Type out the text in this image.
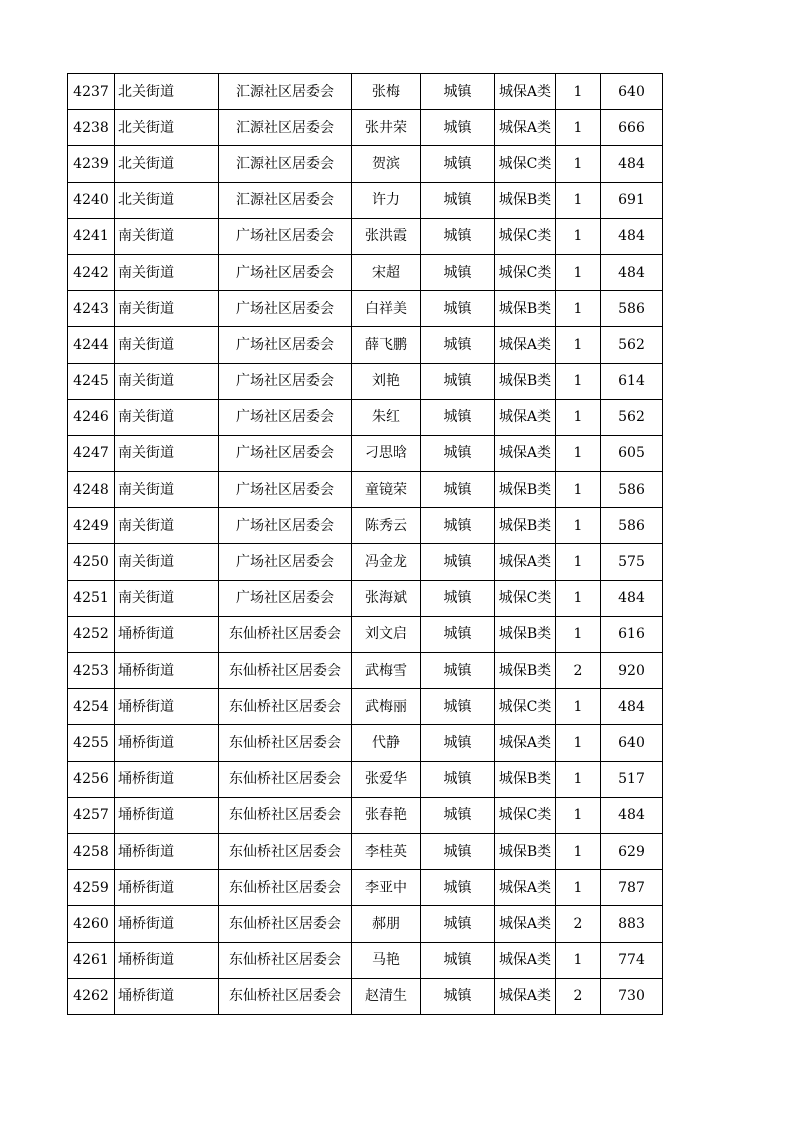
4237	北关街道	汇源社区居委会	张梅	城镇	城保A类	1	640
4238	北关街道	汇源社区居委会	张井荣	城镇	城保A类	1	666
4239	北关街道	汇源社区居委会	贺滨	城镇	城保C类	1	484
4240	北关街道	汇源社区居委会	许力	城镇	城保B类	1	691
4241	南关街道	广场社区居委会	张洪霞	城镇	城保C类	1	484
4242	南关街道	广场社区居委会	宋超	城镇	城保C类	1	484
4243	南关街道	广场社区居委会	白祥美	城镇	城保B类	1	586
4244	南关街道	广场社区居委会	薛飞鹏	城镇	城保A类	1	562
4245	南关街道	广场社区居委会	刘艳	城镇	城保B类	1	614
4246	南关街道	广场社区居委会	朱红	城镇	城保A类	1	562
4247	南关街道	广场社区居委会	刁思晗	城镇	城保A类	1	605
4248	南关街道	广场社区居委会	童镜荣	城镇	城保B类	1	586
4249	南关街道	广场社区居委会	陈秀云	城镇	城保B类	1	586
4250	南关街道	广场社区居委会	冯金龙	城镇	城保A类	1	575
4251	南关街道	广场社区居委会	张海斌	城镇	城保C类	1	484
4252	埇桥街道	东仙桥社区居委会	刘文启	城镇	城保B类	1	616
4253	埇桥街道	东仙桥社区居委会	武梅雪	城镇	城保B类	2	920
4254	埇桥街道	东仙桥社区居委会	武梅丽	城镇	城保C类	1	484
4255	埇桥街道	东仙桥社区居委会	代静	城镇	城保A类	1	640
4256	埇桥街道	东仙桥社区居委会	张爱华	城镇	城保B类	1	517
4257	埇桥街道	东仙桥社区居委会	张春艳	城镇	城保C类	1	484
4258	埇桥街道	东仙桥社区居委会	李桂英	城镇	城保B类	1	629
4259	埇桥街道	东仙桥社区居委会	李亚中	城镇	城保A类	1	787
4260	埇桥街道	东仙桥社区居委会	郝朋	城镇	城保A类	2	883
4261	埇桥街道	东仙桥社区居委会	马艳	城镇	城保A类	1	774
4262	埇桥街道	东仙桥社区居委会	赵清生	城镇	城保A类	2	730
